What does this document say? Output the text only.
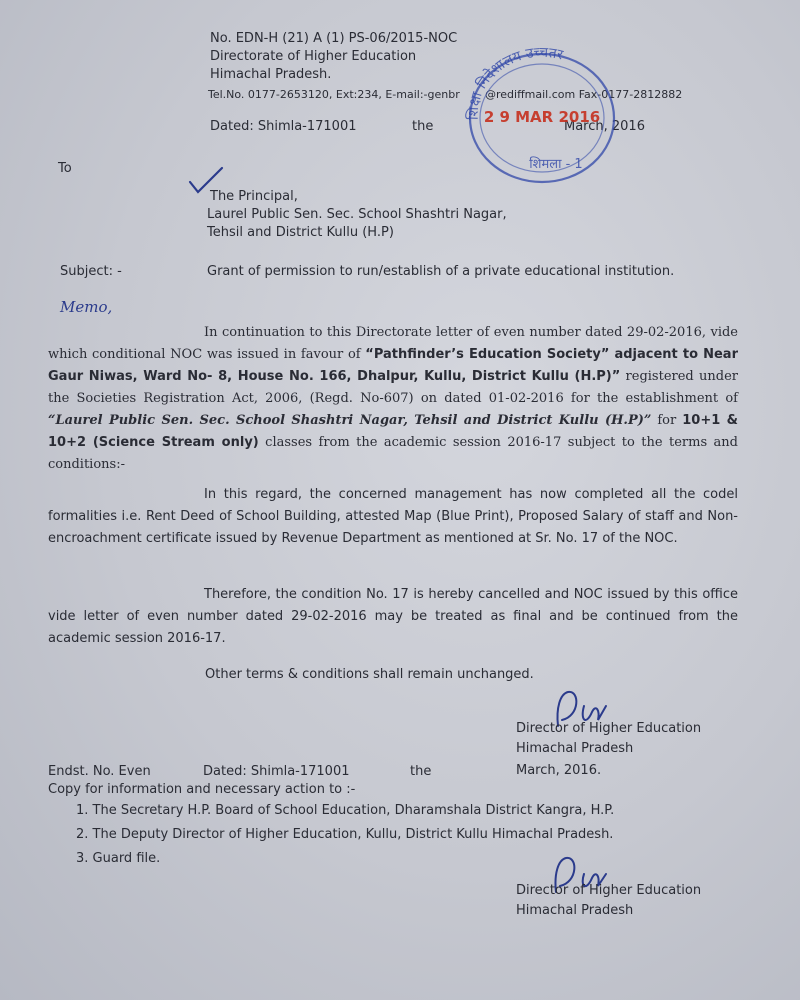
No. EDN-H (21) A (1) PS-06/2015-NOC
Directorate of Higher Education
Himachal Pradesh.
Tel.No. 0177-2653120, Ext:234, E-mail:-genbr @rediffmail.com Fax-0177-2812882
Dated: Shimla-171001	the	March, 2016
शिक्षा निदेशालय उच्चतर
2 9 MAR 2016
शिमला - 1
To
The Principal,
Laurel Public Sen. Sec. School Shashtri Nagar,
Tehsil and District Kullu (H.P)
Subject: -	Grant of permission to run/establish of a private educational institution.
Memo,
In continuation to this Directorate letter of even number dated 29-02-2016, vide which conditional NOC was issued in favour of “Pathfinder’s Education Society” adjacent to Near Gaur Niwas, Ward No- 8, House No. 166, Dhalpur, Kullu, District Kullu (H.P)” registered under the Societies Registration Act, 2006, (Regd. No-607) on dated 01-02-2016 for the establishment of “Laurel Public Sen. Sec. School Shashtri Nagar, Tehsil and District Kullu (H.P)” for 10+1 & 10+2 (Science Stream only) classes from the academic session 2016-17 subject to the terms and conditions:-
In this regard, the concerned management has now completed all the codel formalities i.e. Rent Deed of School Building, attested Map (Blue Print), Proposed Salary of staff and Non-encroachment certificate issued by Revenue Department as mentioned at Sr. No. 17 of the NOC.
Therefore, the condition No. 17 is hereby cancelled and NOC issued by this office vide letter of even number dated 29-02-2016 may be treated as final and be continued from the academic session 2016-17.
Other terms & conditions shall remain unchanged.
Director of Higher Education
Himachal Pradesh
March, 2016.
Endst. No. Even	Dated: Shimla-171001	the
Copy for information and necessary action to :-
1. The Secretary H.P. Board of School Education, Dharamshala District Kangra, H.P.
2. The Deputy Director of Higher Education, Kullu, District Kullu Himachal Pradesh.
3. Guard file.
Director of Higher Education
Himachal Pradesh
